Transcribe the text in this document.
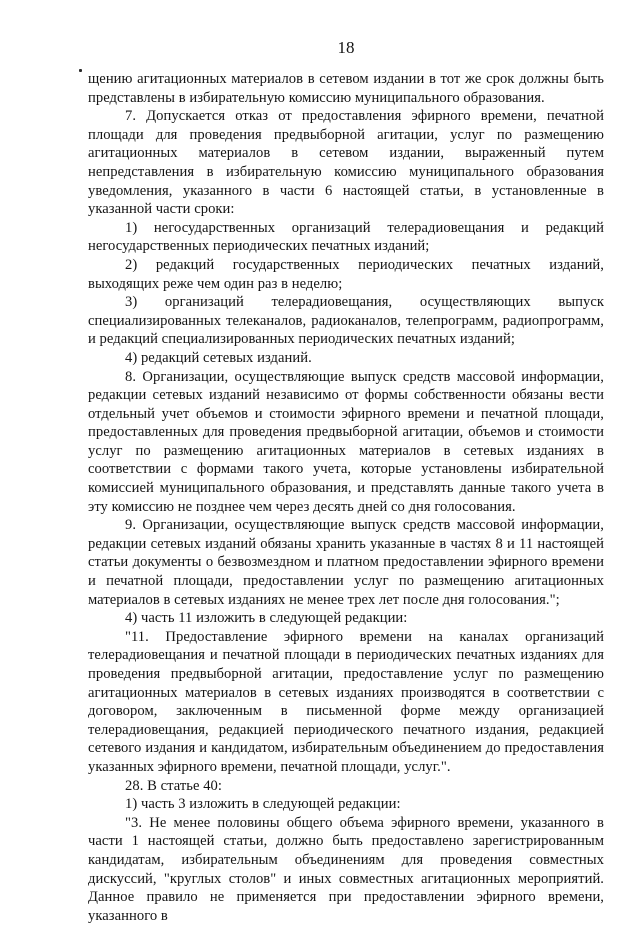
18

щению агитационных материалов в сетевом издании в тот же срок должны быть представлены в избирательную комиссию муниципального образования.

7. Допускается отказ от предоставления эфирного времени, печатной площади для проведения предвыборной агитации, услуг по размещению агитационных материалов в сетевом издании, выраженный путем непредставления в избирательную комиссию муниципального образования уведомления, указанного в части 6 настоящей статьи, в установленные в указанной части сроки:

1) негосударственных организаций телерадиовещания и редакций негосударственных периодических печатных изданий;

2) редакций государственных периодических печатных изданий, выходящих реже чем один раз в неделю;

3) организаций телерадиовещания, осуществляющих выпуск специализированных телеканалов, радиоканалов, телепрограмм, радиопрограмм, и редакций специализированных периодических печатных изданий;

4) редакций сетевых изданий.

8. Организации, осуществляющие выпуск средств массовой информации, редакции сетевых изданий независимо от формы собственности обязаны вести отдельный учет объемов и стоимости эфирного времени и печатной площади, предоставленных для проведения предвыборной агитации, объемов и стоимости услуг по размещению агитационных материалов в сетевых изданиях в соответствии с формами такого учета, которые установлены избирательной комиссией муниципального образования, и представлять данные такого учета в эту комиссию не позднее чем через десять дней со дня голосования.

9. Организации, осуществляющие выпуск средств массовой информации, редакции сетевых изданий обязаны хранить указанные в частях 8 и 11 настоящей статьи документы о безвозмездном и платном предоставлении эфирного времени и печатной площади, предоставлении услуг по размещению агитационных материалов в сетевых изданиях не менее трех лет после дня голосования.";

4) часть 11 изложить в следующей редакции:

"11. Предоставление эфирного времени на каналах организаций телерадиовещания и печатной площади в периодических печатных изданиях для проведения предвыборной агитации, предоставление услуг по размещению агитационных материалов в сетевых изданиях производятся в соответствии с договором, заключенным в письменной форме между организацией телерадиовещания, редакцией периодического печатного издания, редакцией сетевого издания и кандидатом, избирательным объединением до предоставления указанных эфирного времени, печатной площади, услуг.".

28. В статье 40:

1) часть 3 изложить в следующей редакции:

"3. Не менее половины общего объема эфирного времени, указанного в части 1 настоящей статьи, должно быть предоставлено зарегистрированным кандидатам, избирательным объединениям для проведения совместных дискуссий, "круглых столов" и иных совместных агитационных мероприятий. Данное правило не применяется при предоставлении эфирного времени, указанного в
